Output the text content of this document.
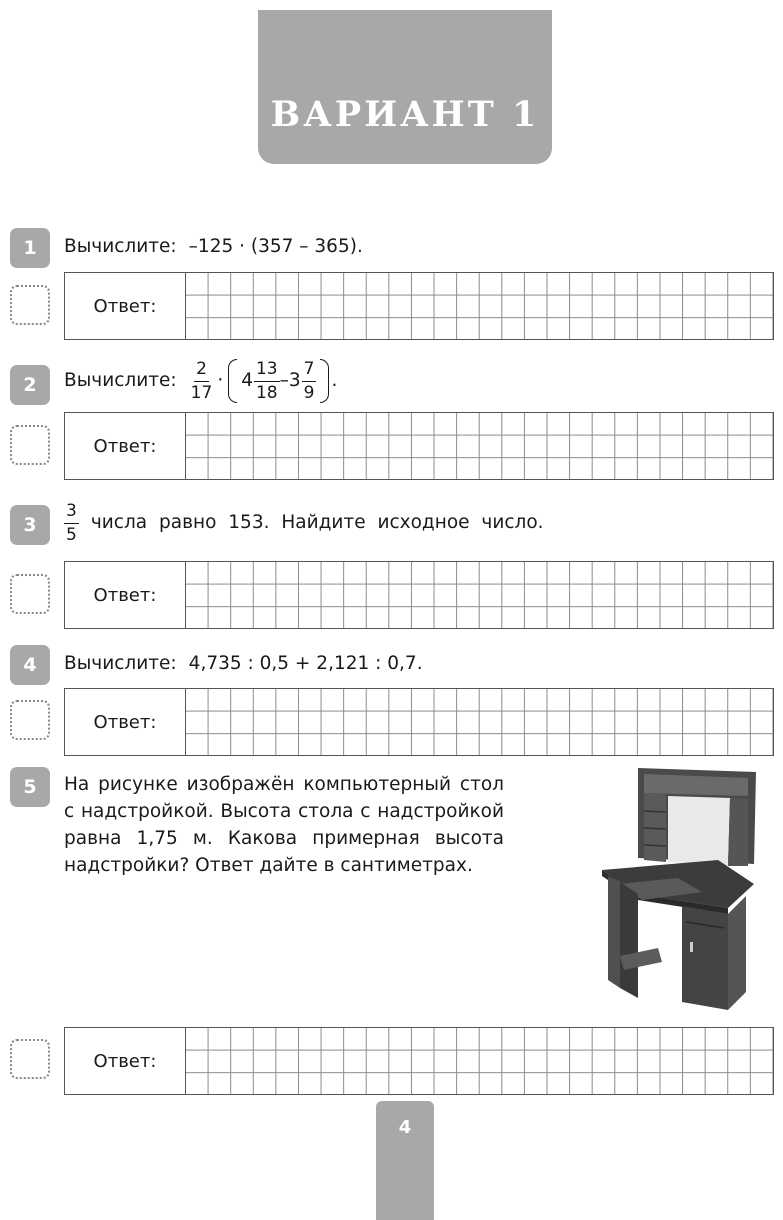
ВАРИАНТ 1
1	Вычислите: –125 · (357 – 365).
Ответ:
2	Вычислите: $\frac{2}{17} \cdot 4 \frac{13}{18} - 3 \frac{7}{9}$ .
Ответ:
3	$\frac{3}{5}$ числа равно 153. Найдите исходное число.
Ответ:
4	Вычислите: 4,735 : 0,5 + 2,121 : 0,7.
Ответ:
5	На рисунке изображён компьютерный стол с надстройкой. Высота стола с надстройкой равна 1,75 м. Какова примерная высота надстройки? Ответ дайте в сантиметрах.
Ответ:
4
